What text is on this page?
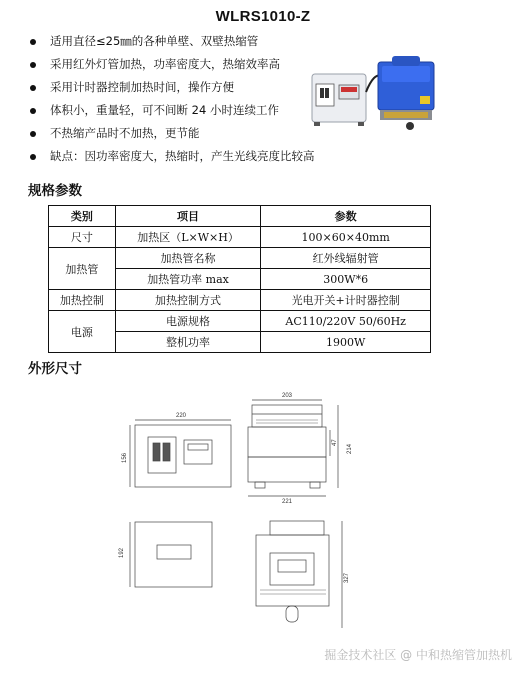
WLRS1010-Z
适用直径≤25㎜的各种单壁、双壁热缩管
采用红外灯管加热，功率密度大，热缩效率高
采用计时器控制加热时间，操作方便
体积小，重量轻，可不间断 24 小时连续工作
不热缩产品时不加热，更节能
缺点：因功率密度大，热缩时，产生光线亮度比较高
规格参数
类别	项目	参数
尺寸	加热区（L×W×H）	100×60×40mm
加热管	加热管名称	红外线辐射管
	加热管功率 max	300W*6
加热控制	加热控制方式	光电开关+计时器控制
电源	电源规格	AC110/220V 50/60Hz
	整机功率	1900W
外形尺寸
220
156
203
221
214
47
192
327
掘金技术社区 @ 中和热缩管加热机
